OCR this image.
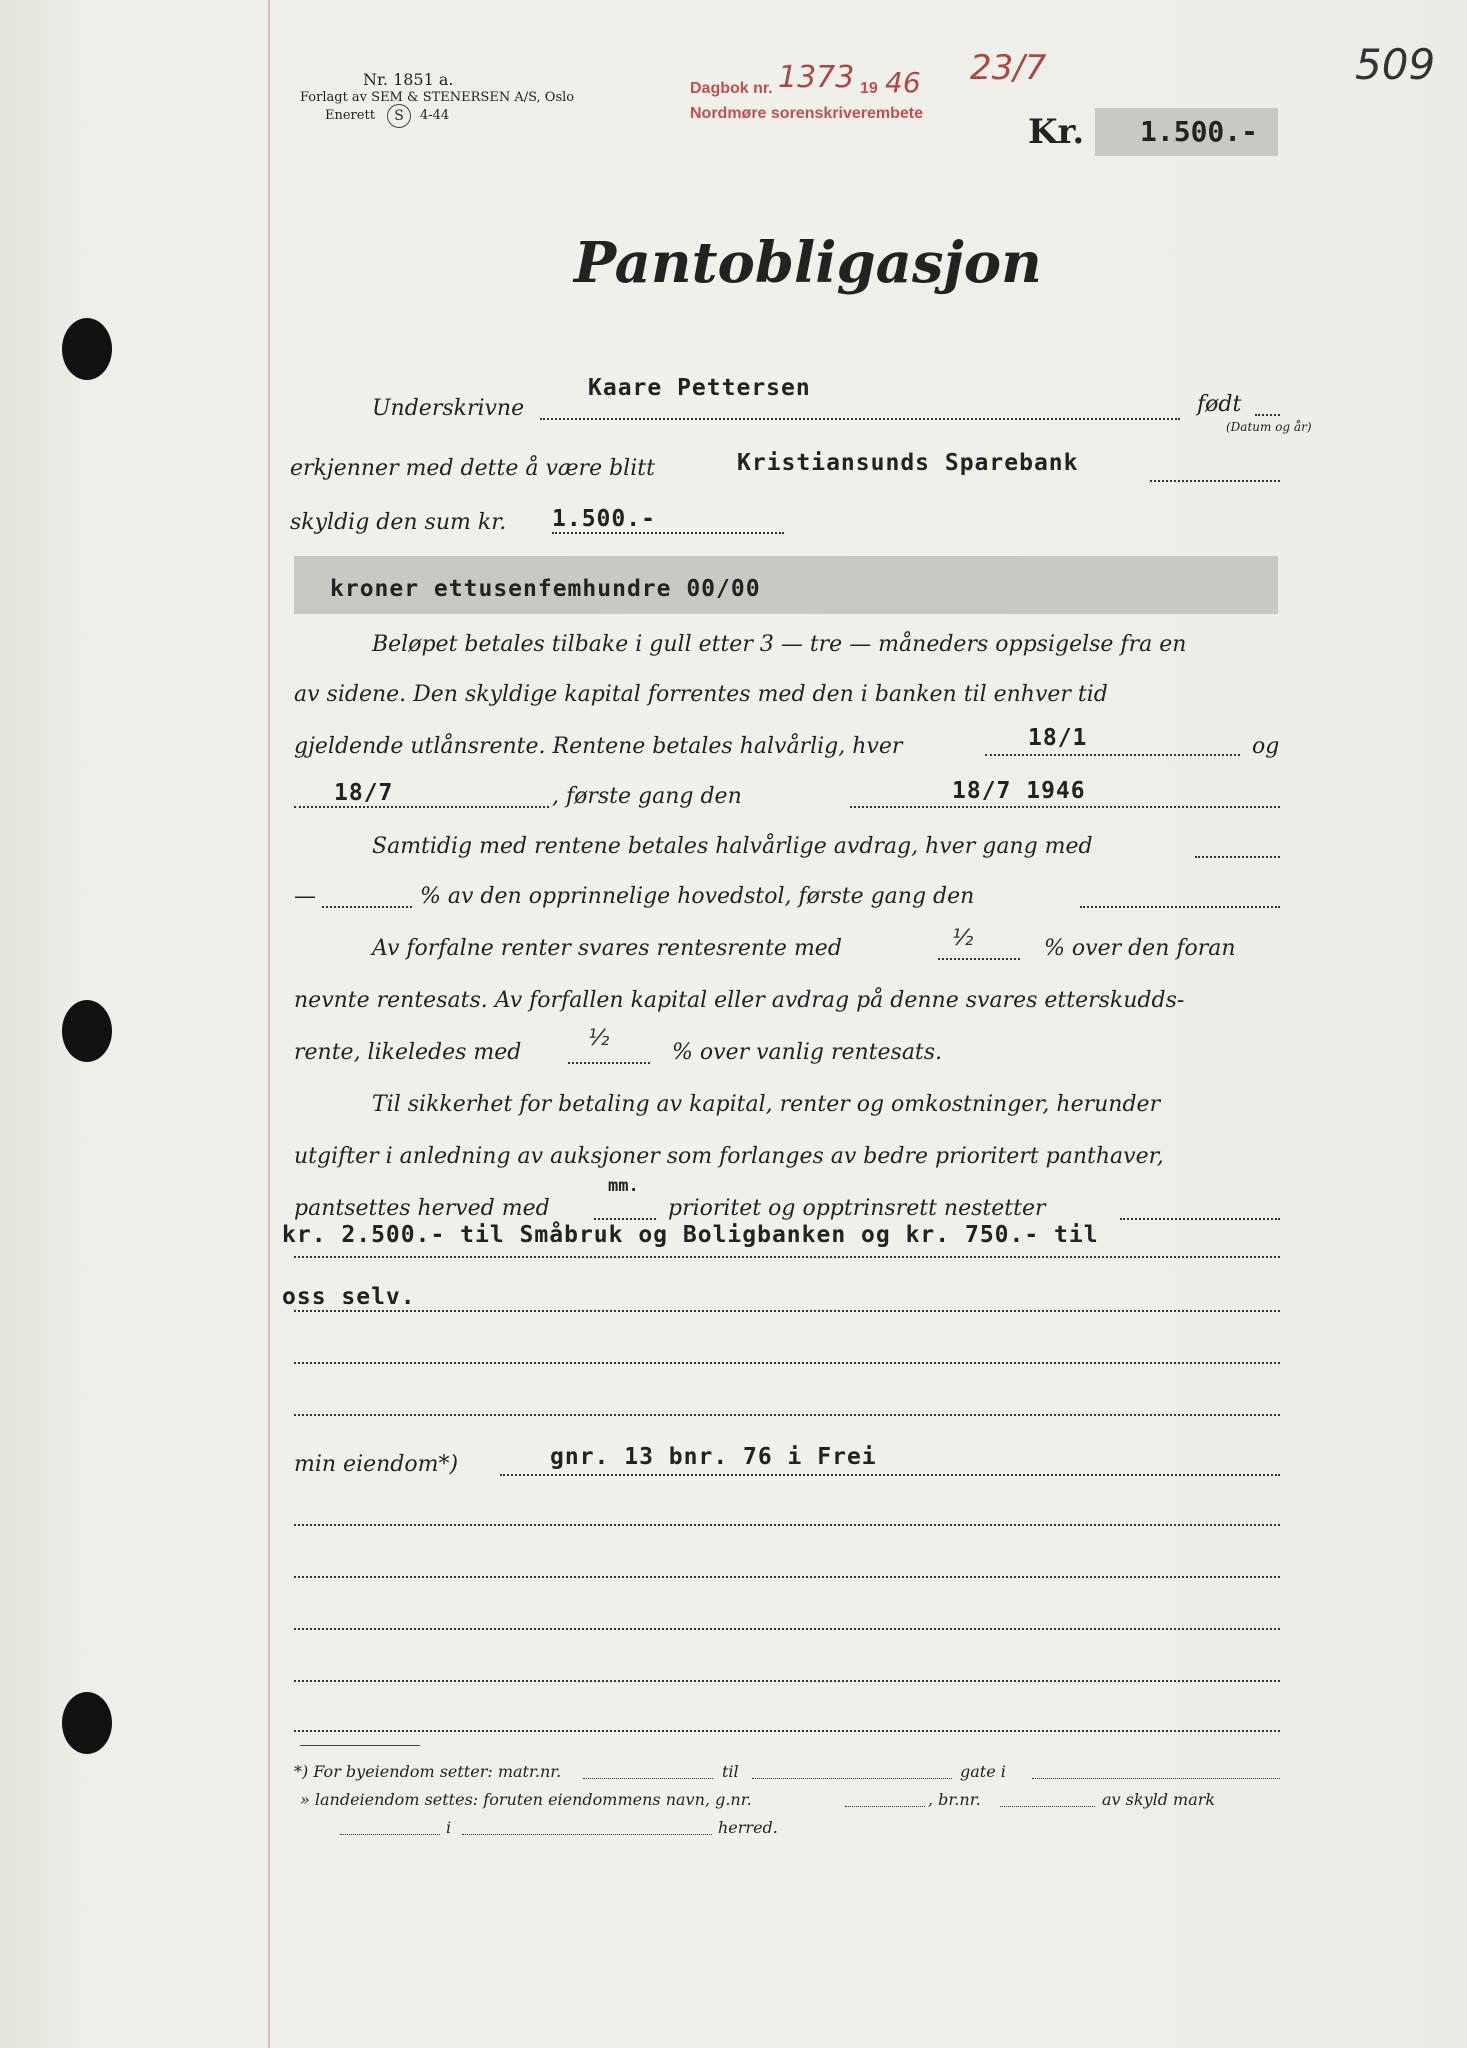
509
Nr. 1851 a.
Forlagt av SEM & STENERSEN A/S, Oslo
Enerett	S	4-44
Dagbok nr. 1373 19 46 23/7
Nordmøre sorenskriverembete	Kr. 1.500.-
Pantobligasjon
Underskrivne
Kaare Pettersen
født
(Datum og år)
erkjenner med dette å være blitt	Kristiansunds Sparebank
skyldig den sum kr. 1.500.-
kroner ettusenfemhundre 00/00
Beløpet betales tilbake i gull etter 3 — tre — måneders oppsigelse fra en
av sidene. Den skyldige kapital forrentes med den i banken til enhver tid
gjeldende utlånsrente. Rentene betales halvårlig, hver	18/1	og
18/7	, første gang den	18/7 1946
Samtidig med rentene betales halvårlige avdrag, hver gang med
—	% av den opprinnelige hovedstol, første gang den
Av forfalne renter svares rentesrente med	½	% over den foran
nevnte rentesats. Av forfallen kapital eller avdrag på denne svares etterskudds-
rente, likeledes med
½
% over vanlig rentesats.
Til sikkerhet for betaling av kapital, renter og omkostninger, herunder
utgifter i anledning av auksjoner som forlanges av bedre prioritert panthaver,
pantsettes herved med
mm.
prioritet og opptrinsrett nestetter
kr. 2.500.- til Småbruk og Boligbanken og kr. 750.- til
oss selv.
min eiendom*)	gnr. 13 bnr. 76 i Frei
*) For byeiendom setter: matr.nr.	til	gate i
» landeiendom settes: foruten eiendommens navn, g.nr.	, br.nr.	av skyld mark
i	herred.
